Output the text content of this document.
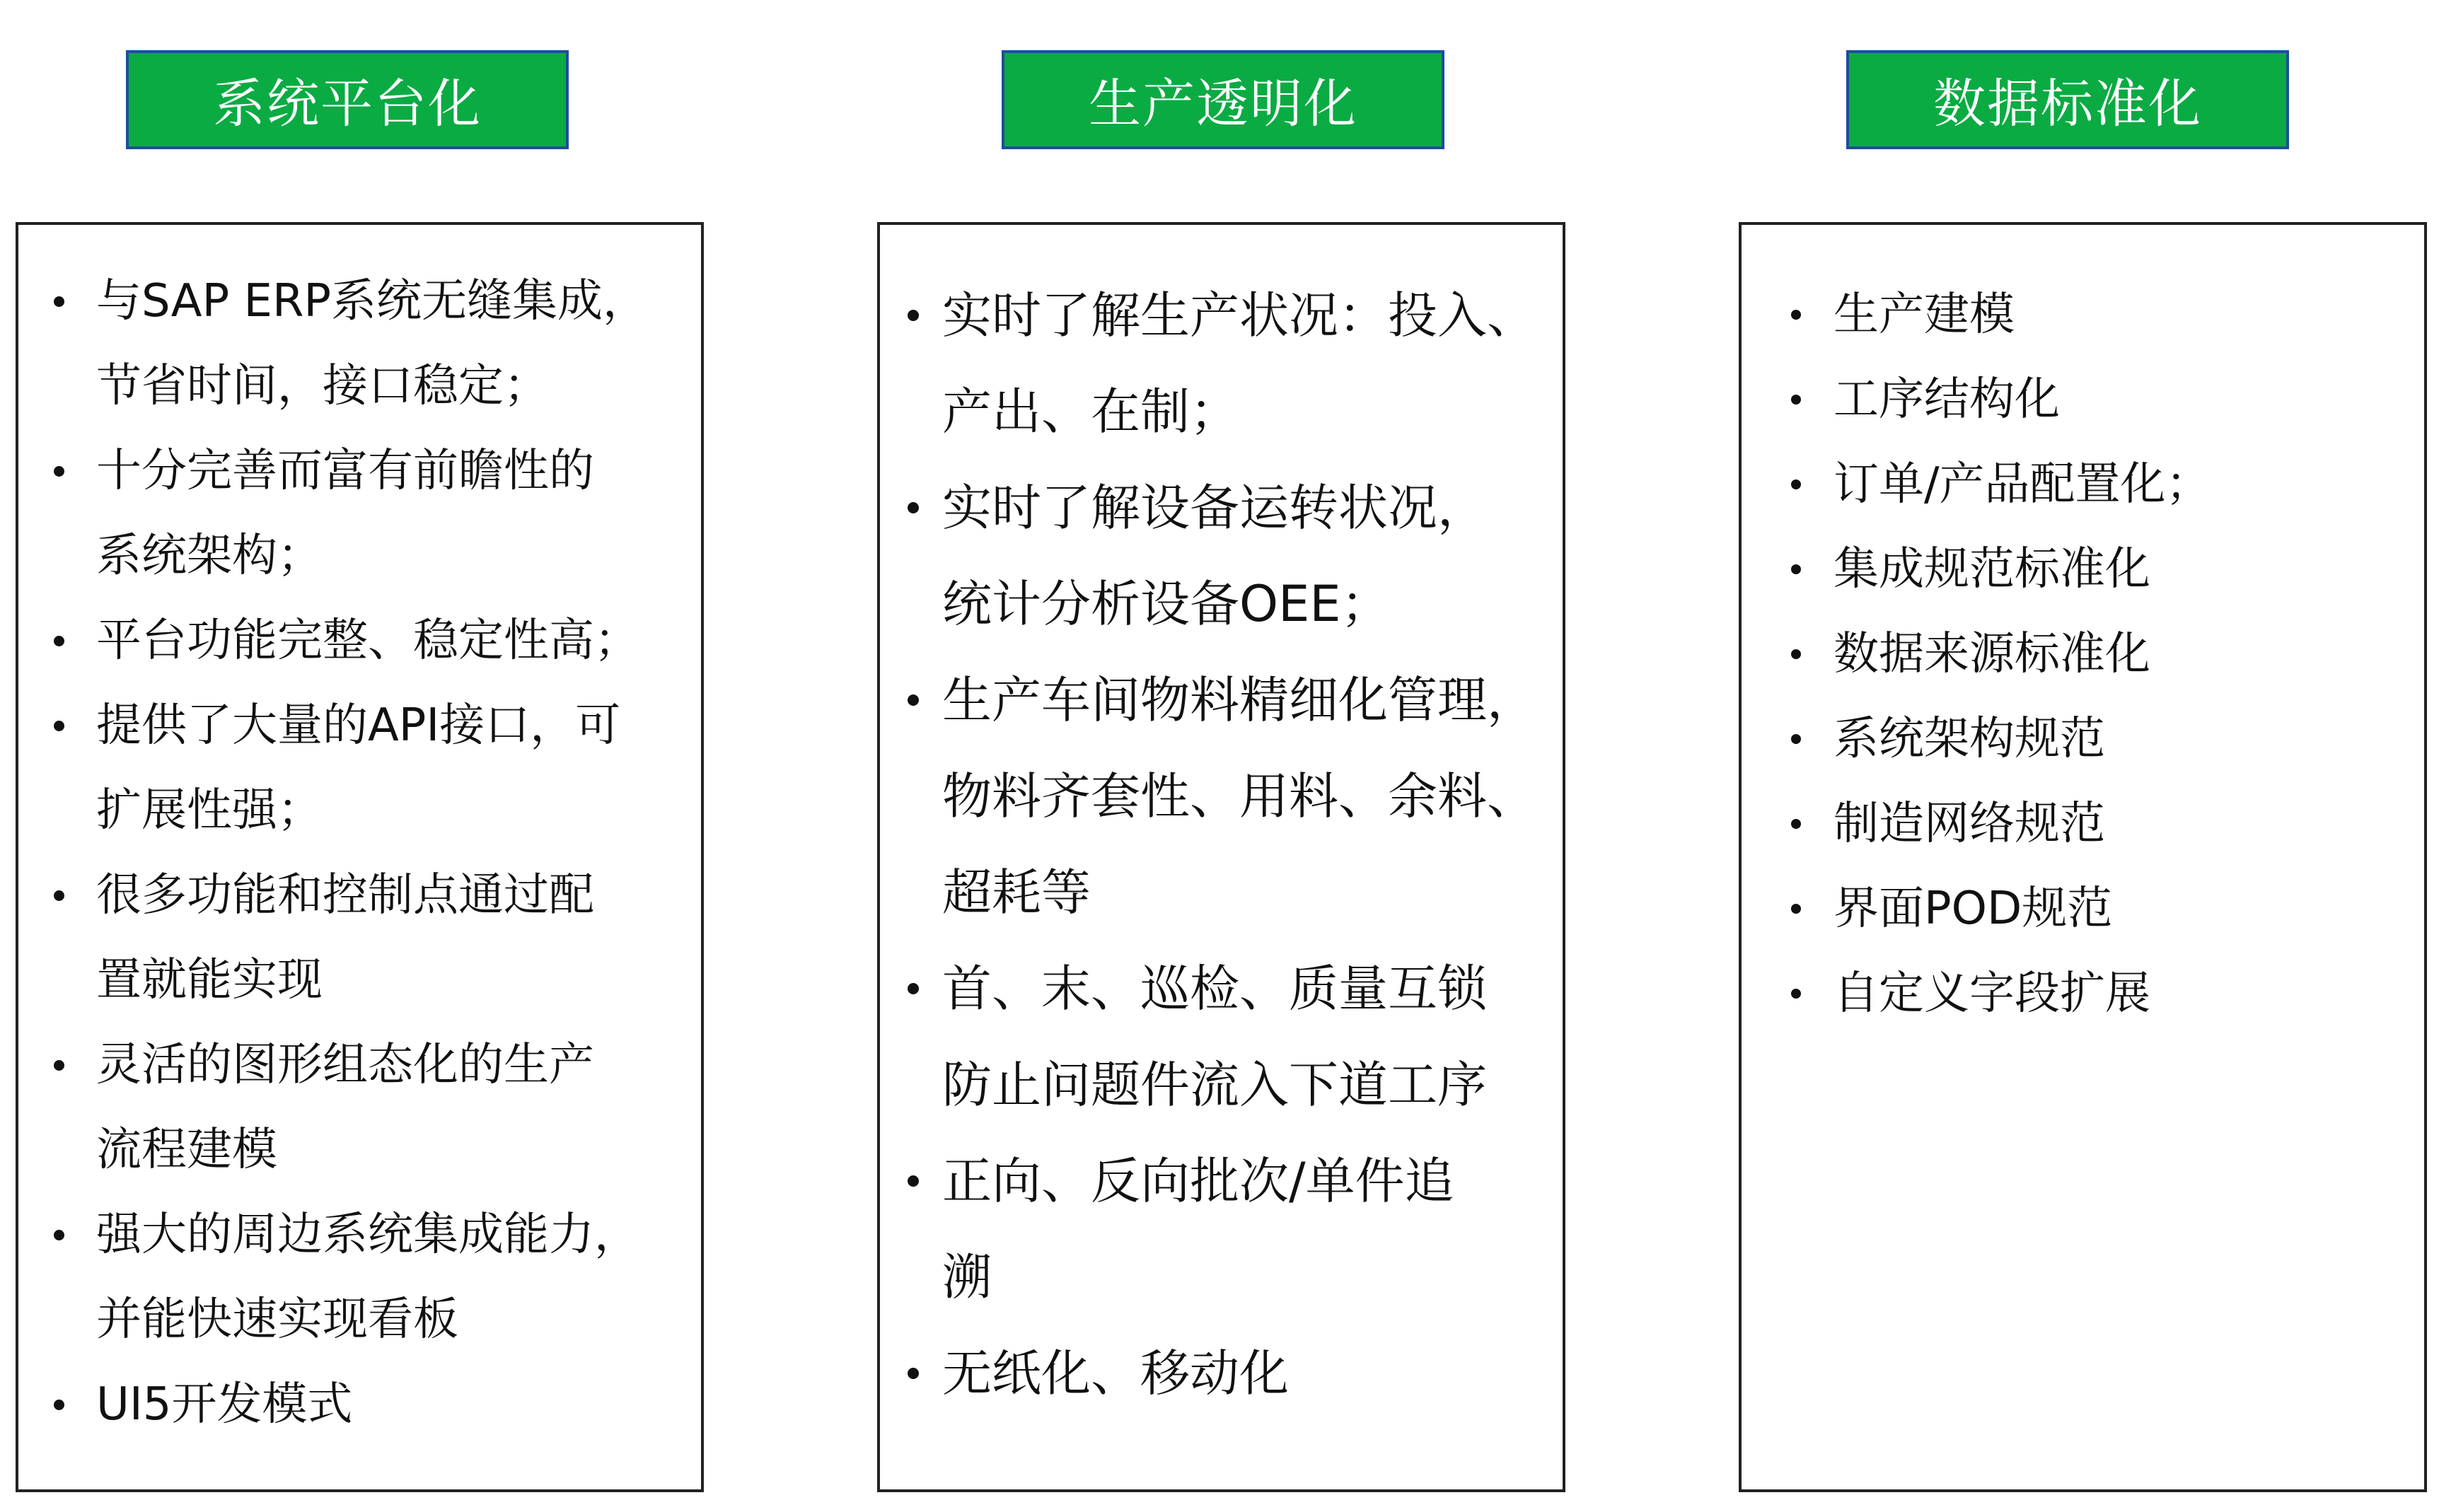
系统平台化	生产透明化	数据标准化
与SAP ERP系统无缝集成，
节省时间，接口稳定；
十分完善而富有前瞻性的
系统架构；
平台功能完整、稳定性高；
提供了大量的API接口，可
扩展性强；
很多功能和控制点通过配
置就能实现
灵活的图形组态化的生产
流程建模
强大的周边系统集成能力，
并能快速实现看板
UI5开发模式
实时了解生产状况：投入、
产出、在制；
实时了解设备运转状况，
统计分析设备OEE；
生产车间物料精细化管理，
物料齐套性、用料、余料、
超耗等
首、末、巡检、质量互锁
防止问题件流入下道工序
正向、反向批次/单件追
溯
无纸化、移动化
生产建模
工序结构化
订单/产品配置化；
集成规范标准化
数据来源标准化
系统架构规范
制造网络规范
界面POD规范
自定义字段扩展
